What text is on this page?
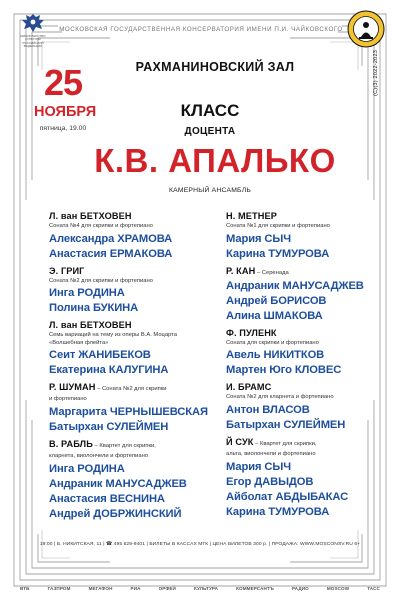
МИНИСТЕРСТВО КУЛЬТУРЫ РОССИЙСКОЙ ФЕДЕРАЦИИ
МОСКОВСКАЯ ГОСУДАРСТВЕННАЯ КОНСЕРВАТОРИЯ ИМЕНИ П.И. ЧАЙКОВСКОГО
(С)(3) 2022-2023
РАХМАНИНОВСКИЙ ЗАЛ
25
НОЯБРЯ
пятница, 19.00
КЛАСС
ДОЦЕНТА
К.В. АПАЛЬКО
КАМЕРНЫЙ АНСАМБЛЬ
Л. ван БЕТХОВЕН
Соната №4 для скрипки и фортепиано
Александра ХРАМОВА
Анастасия ЕРМАКОВА
Э. ГРИГ
Соната №2 для скрипки и фортепиано
Инга РОДИНА
Полина БУКИНА
Л. ван БЕТХОВЕН
Семь вариаций на тему из оперы В.А. Моцарта «Волшебная флейта»
Сеит ЖАНИБЕКОВ
Екатерина КАЛУГИНА
Р. ШУМАН – Соната №2 для скрипки
и фортепиано
Маргарита ЧЕРНЫШЕВСКАЯ
Батырхан СУЛЕЙМЕН
В. РАБЛЬ – Квартет для скрипки,
кларнета, виолончели и фортепиано
Инга РОДИНА
Андраник МАНУСАДЖЕВ
Анастасия ВЕСНИНА
Андрей ДОБРЖИНСКИЙ
Н. МЕТНЕР
Соната №1 для скрипки и фортепиано
Мария СЫЧ
Карина ТУМУРОВА
Р. КАН – Серенада
Андраник МАНУСАДЖЕВ
Андрей БОРИСОВ
Алина ШМАКОВА
Ф. ПУЛЕНК
Соната для скрипки и фортепиано
Авель НИКИТКОВ
Мартен Юго КЛОВЕС
И. БРАМС
Соната №2 для кларнета и фортепиано
Антон ВЛАСОВ
Батырхан СУЛЕЙМЕН
Й СУК – Квартет для скрипки,
альта, виолончели и фортепиано
Мария СЫЧ
Егор ДАВЫДОВ
Айболат АБДЫБАКАС
Карина ТУМУРОВА
19:00 | Б. НИКИТСКАЯ, 11 | ☎ 495 629-9401 | БИЛЕТЫ В КАССАХ МГК | ЦЕНА БИЛЕТОВ 300 р. | ПРОДАЖА: WWW.MOSCONSV.RU 6+
ВТБ	ГАЗПРОМ	МЕГАФОН	РИА	ОРФЕЙ	КУЛЬТУРА	КОММЕРСАНТЪ	РАДИО	MOSCOW	ТАСС
